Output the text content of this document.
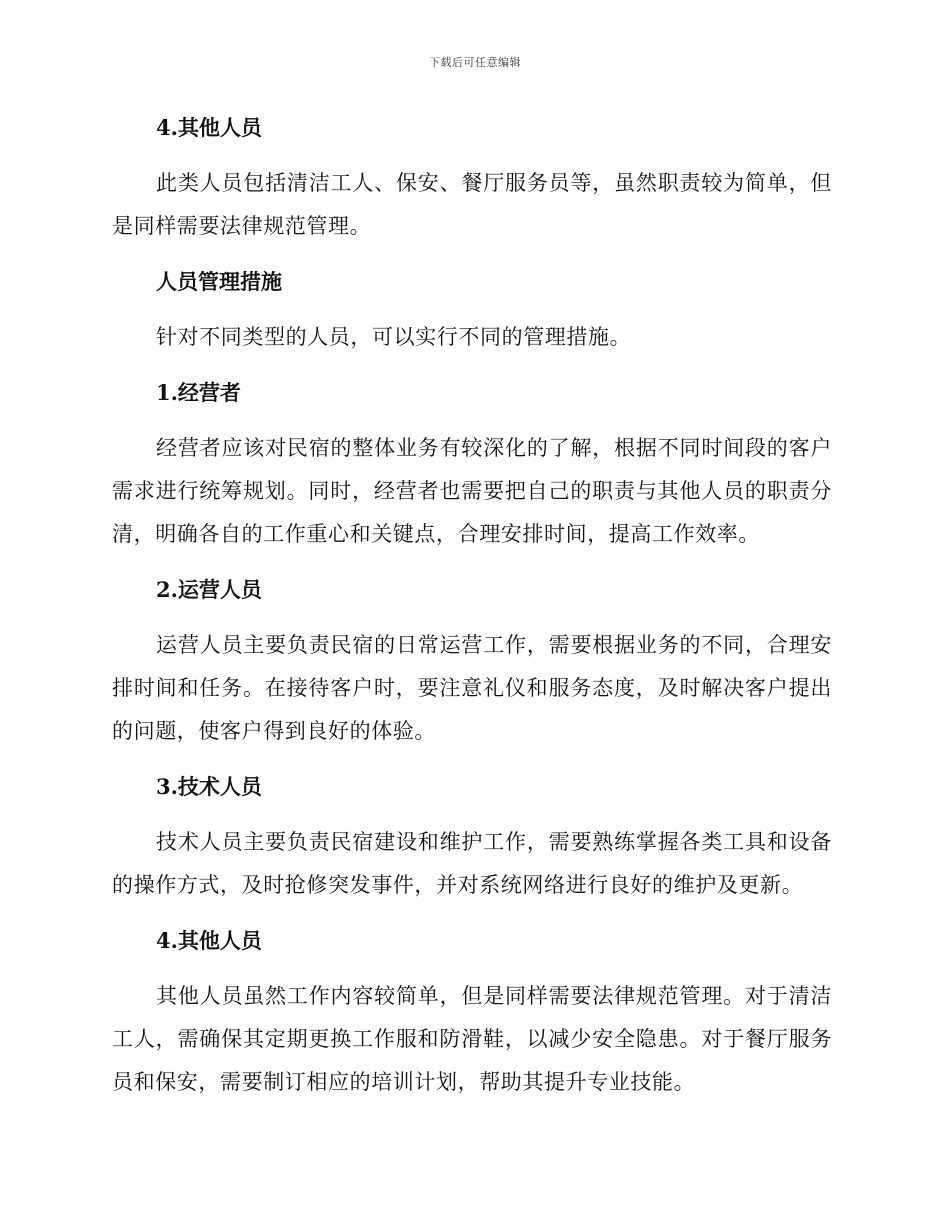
下载后可任意编辑
4.其他人员
此类人员包括清洁工人、保安、餐厅服务员等，虽然职责较为简单，但是同样需要法律规范管理。
人员管理措施
针对不同类型的人员，可以实行不同的管理措施。
1.经营者
经营者应该对民宿的整体业务有较深化的了解，根据不同时间段的客户需求进行统筹规划。同时，经营者也需要把自己的职责与其他人员的职责分清，明确各自的工作重心和关键点，合理安排时间，提高工作效率。
2.运营人员
运营人员主要负责民宿的日常运营工作，需要根据业务的不同，合理安排时间和任务。在接待客户时，要注意礼仪和服务态度，及时解决客户提出的问题，使客户得到良好的体验。
3.技术人员
技术人员主要负责民宿建设和维护工作，需要熟练掌握各类工具和设备的操作方式，及时抢修突发事件，并对系统网络进行良好的维护及更新。
4.其他人员
其他人员虽然工作内容较简单，但是同样需要法律规范管理。对于清洁工人，需确保其定期更换工作服和防滑鞋，以减少安全隐患。对于餐厅服务员和保安，需要制订相应的培训计划，帮助其提升专业技能。
